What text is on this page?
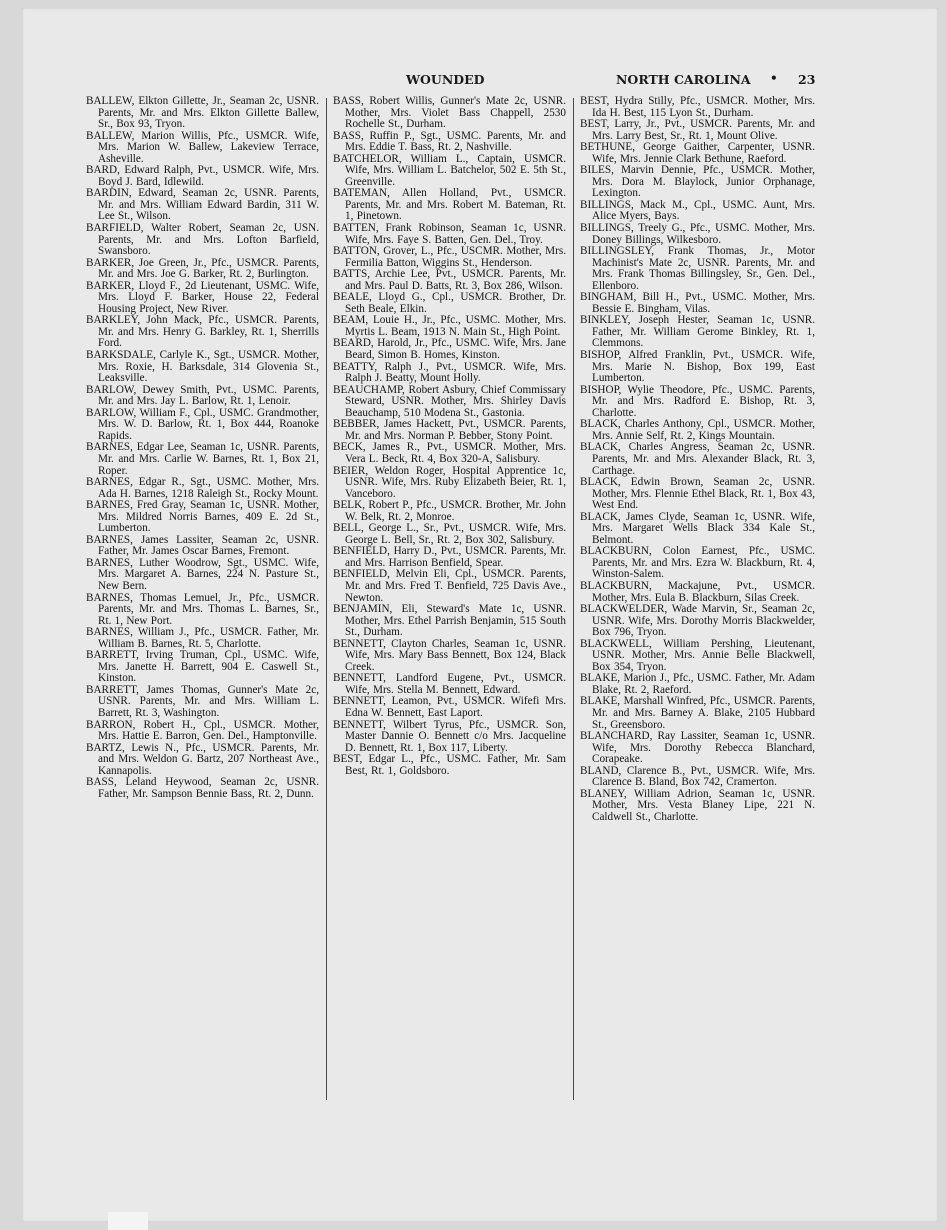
WOUNDED	NORTH CAROLINA • 23
BALLEW, Elkton Gillette, Jr., Seaman 2c, USNR. Parents, Mr. and Mrs. Elkton Gillette Ballew, Sr., Box 93, Tryon.
BALLEW, Marion Willis, Pfc., USMCR. Wife, Mrs. Marion W. Ballew, Lakeview Terrace, Asheville.
BARD, Edward Ralph, Pvt., USMCR. Wife, Mrs. Boyd J. Bard, Idlewild.
BARDIN, Edward, Seaman 2c, USNR. Parents, Mr. and Mrs. William Edward Bardin, 311 W. Lee St., Wilson.
BARFIELD, Walter Robert, Seaman 2c, USN. Parents, Mr. and Mrs. Lofton Barfield, Swansboro.
BARKER, Joe Green, Jr., Pfc., USMCR. Parents, Mr. and Mrs. Joe G. Barker, Rt. 2, Burlington.
BARKER, Lloyd F., 2d Lieutenant, USMC. Wife, Mrs. Lloyd F. Barker, House 22, Federal Housing Project, New River.
BARKLEY, John Mack, Pfc., USMCR. Parents, Mr. and Mrs. Henry G. Barkley, Rt. 1, Sherrills Ford.
BARKSDALE, Carlyle K., Sgt., USMCR. Mother, Mrs. Roxie, H. Barksdale, 314 Glovenia St., Leaksville.
BARLOW, Dewey Smith, Pvt., USMC. Parents, Mr. and Mrs. Jay L. Barlow, Rt. 1, Lenoir.
BARLOW, William F., Cpl., USMC. Grandmother, Mrs. W. D. Barlow, Rt. 1, Box 444, Roanoke Rapids.
BARNES, Edgar Lee, Seaman 1c, USNR. Parents, Mr. and Mrs. Carlie W. Barnes, Rt. 1, Box 21, Roper.
BARNES, Edgar R., Sgt., USMC. Mother, Mrs. Ada H. Barnes, 1218 Raleigh St., Rocky Mount.
BARNES, Fred Gray, Seaman 1c, USNR. Mother, Mrs. Mildred Norris Barnes, 409 E. 2d St., Lumberton.
BARNES, James Lassiter, Seaman 2c, USNR. Father, Mr. James Oscar Barnes, Fremont.
BARNES, Luther Woodrow, Sgt., USMC. Wife, Mrs. Margaret A. Barnes, 224 N. Pasture St., New Bern.
BARNES, Thomas Lemuel, Jr., Pfc., USMCR. Parents, Mr. and Mrs. Thomas L. Barnes, Sr., Rt. 1, New Port.
BARNES, William J., Pfc., USMCR. Father, Mr. William B. Barnes, Rt. 5, Charlotte.
BARRETT, Irving Truman, Cpl., USMC. Wife, Mrs. Janette H. Barrett, 904 E. Caswell St., Kinston.
BARRETT, James Thomas, Gunner's Mate 2c, USNR. Parents, Mr. and Mrs. William L. Barrett, Rt. 3, Washington.
BARRON, Robert H., Cpl., USMCR. Mother, Mrs. Hattie E. Barron, Gen. Del., Hamptonville.
BARTZ, Lewis N., Pfc., USMCR. Parents, Mr. and Mrs. Weldon G. Bartz, 207 Northeast Ave., Kannapolis.
BASS, Leland Heywood, Seaman 2c, USNR. Father, Mr. Sampson Bennie Bass, Rt. 2, Dunn.
BASS, Robert Willis, Gunner's Mate 2c, USNR. Mother, Mrs. Violet Bass Chappell, 2530 Rochelle St., Durham.
BASS, Ruffin P., Sgt., USMC. Parents, Mr. and Mrs. Eddie T. Bass, Rt. 2, Nashville.
BATCHELOR, William L., Captain, USMCR. Wife, Mrs. William L. Batchelor, 502 E. 5th St., Greenville.
BATEMAN, Allen Holland, Pvt., USMCR. Parents, Mr. and Mrs. Robert M. Bateman, Rt. 1, Pinetown.
BATTEN, Frank Robinson, Seaman 1c, USNR. Wife, Mrs. Faye S. Batten, Gen. Del., Troy.
BATTON, Grover, L., Pfc., USCMR. Mother, Mrs. Fermilia Batton, Wiggins St., Henderson.
BATTS, Archie Lee, Pvt., USMCR. Parents, Mr. and Mrs. Paul D. Batts, Rt. 3, Box 286, Wilson.
BEALE, Lloyd G., Cpl., USMCR. Brother, Dr. Seth Beale, Elkin.
BEAM, Louie H., Jr., Pfc., USMC. Mother, Mrs. Myrtis L. Beam, 1913 N. Main St., High Point.
BEARD, Harold, Jr., Pfc., USMC. Wife, Mrs. Jane Beard, Simon B. Homes, Kinston.
BEATTY, Ralph J., Pvt., USMCR. Wife, Mrs. Ralph J. Beatty, Mount Holly.
BEAUCHAMP, Robert Asbury, Chief Commissary Steward, USNR. Mother, Mrs. Shirley Davis Beauchamp, 510 Modena St., Gastonia.
BEBBER, James Hackett, Pvt., USMCR. Parents, Mr. and Mrs. Norman P. Bebber, Stony Point.
BECK, James R., Pvt., USMCR. Mother, Mrs. Vera L. Beck, Rt. 4, Box 320-A, Salisbury.
BEIER, Weldon Roger, Hospital Apprentice 1c, USNR. Wife, Mrs. Ruby Elizabeth Beier, Rt. 1, Vanceboro.
BELK, Robert P., Pfc., USMCR. Brother, Mr. John W. Belk, Rt. 2, Monroe.
BELL, George L., Sr., Pvt., USMCR. Wife, Mrs. George L. Bell, Sr., Rt. 2, Box 302, Salisbury.
BENFIELD, Harry D., Pvt., USMCR. Parents, Mr. and Mrs. Harrison Benfield, Spear.
BENFIELD, Melvin Eli, Cpl., USMCR. Parents, Mr. and Mrs. Fred T. Benfield, 725 Davis Ave., Newton.
BENJAMIN, Eli, Steward's Mate 1c, USNR. Mother, Mrs. Ethel Parrish Benjamin, 515 South St., Durham.
BENNETT, Clayton Charles, Seaman 1c, USNR. Wife, Mrs. Mary Bass Bennett, Box 124, Black Creek.
BENNETT, Landford Eugene, Pvt., USMCR. Wife, Mrs. Stella M. Bennett, Edward.
BENNETT, Leamon, Pvt., USMCR. Wifefi Mrs. Edna W. Bennett, East Laport.
BENNETT, Wilbert Tyrus, Pfc., USMCR. Son, Master Dannie O. Bennett c/o Mrs. Jacqueline D. Bennett, Rt. 1, Box 117, Liberty.
BEST, Edgar L., Pfc., USMC. Father, Mr. Sam Best, Rt. 1, Goldsboro.
BEST, Hydra Stilly, Pfc., USMCR. Mother, Mrs. Ida H. Best, 115 Lyon St., Durham.
BEST, Larry, Jr., Pvt., USMCR. Parents, Mr. and Mrs. Larry Best, Sr., Rt. 1, Mount Olive.
BETHUNE, George Gaither, Carpenter, USNR. Wife, Mrs. Jennie Clark Bethune, Raeford.
BILES, Marvin Dennie, Pfc., USMCR. Mother, Mrs. Dora M. Blaylock, Junior Orphanage, Lexington.
BILLINGS, Mack M., Cpl., USMC. Aunt, Mrs. Alice Myers, Bays.
BILLINGS, Treely G., Pfc., USMC. Mother, Mrs. Doney Billings, Wilkesboro.
BILLINGSLEY, Frank Thomas, Jr., Motor Machinist's Mate 2c, USNR. Parents, Mr. and Mrs. Frank Thomas Billingsley, Sr., Gen. Del., Ellenboro.
BINGHAM, Bill H., Pvt., USMC. Mother, Mrs. Bessie E. Bingham, Vilas.
BINKLEY, Joseph Hester, Seaman 1c, USNR. Father, Mr. William Gerome Binkley, Rt. 1, Clemmons.
BISHOP, Alfred Franklin, Pvt., USMCR. Wife, Mrs. Marie N. Bishop, Box 199, East Lumberton.
BISHOP, Wylie Theodore, Pfc., USMC. Parents, Mr. and Mrs. Radford E. Bishop, Rt. 3, Charlotte.
BLACK, Charles Anthony, Cpl., USMCR. Mother, Mrs. Annie Self, Rt. 2, Kings Mountain.
BLACK, Charles Angress, Seaman 2c, USNR. Parents, Mr. and Mrs. Alexander Black, Rt. 3, Carthage.
BLACK, Edwin Brown, Seaman 2c, USNR. Mother, Mrs. Flennie Ethel Black, Rt. 1, Box 43, West End.
BLACK, James Clyde, Seaman 1c, USNR. Wife, Mrs. Margaret Wells Black 334 Kale St., Belmont.
BLACKBURN, Colon Earnest, Pfc., USMC. Parents, Mr. and Mrs. Ezra W. Blackburn, Rt. 4, Winston-Salem.
BLACKBURN, Mackajune, Pvt., USMCR. Mother, Mrs. Eula B. Blackburn, Silas Creek.
BLACKWELDER, Wade Marvin, Sr., Seaman 2c, USNR. Wife, Mrs. Dorothy Morris Blackwelder, Box 796, Tryon.
BLACKWELL, William Pershing, Lieutenant, USNR. Mother, Mrs. Annie Belle Blackwell, Box 354, Tryon.
BLAKE, Marion J., Pfc., USMC. Father, Mr. Adam Blake, Rt. 2, Raeford.
BLAKE, Marshall Winfred, Pfc., USMCR. Parents, Mr. and Mrs. Barney A. Blake, 2105 Hubbard St., Greensboro.
BLANCHARD, Ray Lassiter, Seaman 1c, USNR. Wife, Mrs. Dorothy Rebecca Blanchard, Corapeake.
BLAND, Clarence B., Pvt., USMCR. Wife, Mrs. Clarence B. Bland, Box 742, Cramerton.
BLANEY, William Adrion, Seaman 1c, USNR. Mother, Mrs. Vesta Blaney Lipe, 221 N. Caldwell St., Charlotte.
